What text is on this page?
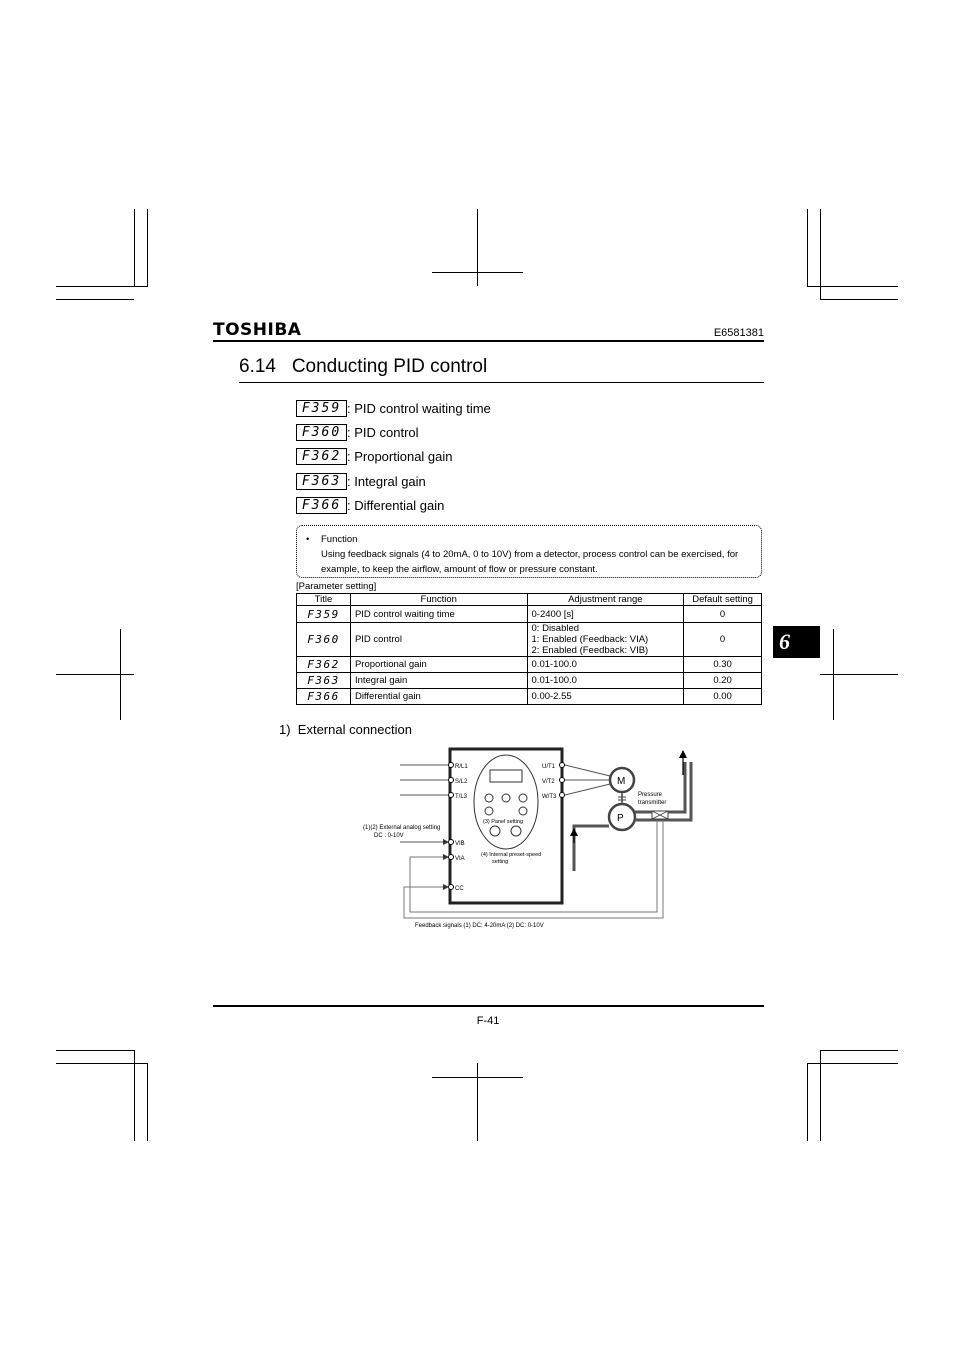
TOSHIBA	E6581381
6.14   Conducting PID control
F359 : PID control waiting time
F360 : PID control
F362 : Proportional gain
F363 : Integral gain
F366 : Differential gain
• Function
Using feedback signals (4 to 20mA, 0 to 10V) from a detector, process control can be exercised, for example, to keep the airflow, amount of flow or pressure constant.
[Parameter setting]
Title	Function	Adjustment range	Default setting
F359	PID control waiting time	0-2400 [s]	0
F360	PID control	0: Disabled
1: Enabled (Feedback: VIA)
2: Enabled (Feedback: VIB)	0
F362	Proportional gain	0.01-100.0	0.30
F363	Integral gain	0.01-100.0	0.20
F366	Differential gain	0.00-2.55	0.00
1)  External connection
R/L1
S/L2
T/L3
VIB
VIA
CC
U/T1
V/T2
W/T3
M
P
Pressure
transmitter
(1)(2) External analog setting
DC : 0-10V
(3) Panel setting
(4) Internal preset-speed
setting
Feedback signals (1) DC: 4-20mA (2) DC: 0-10V
6
F-41
